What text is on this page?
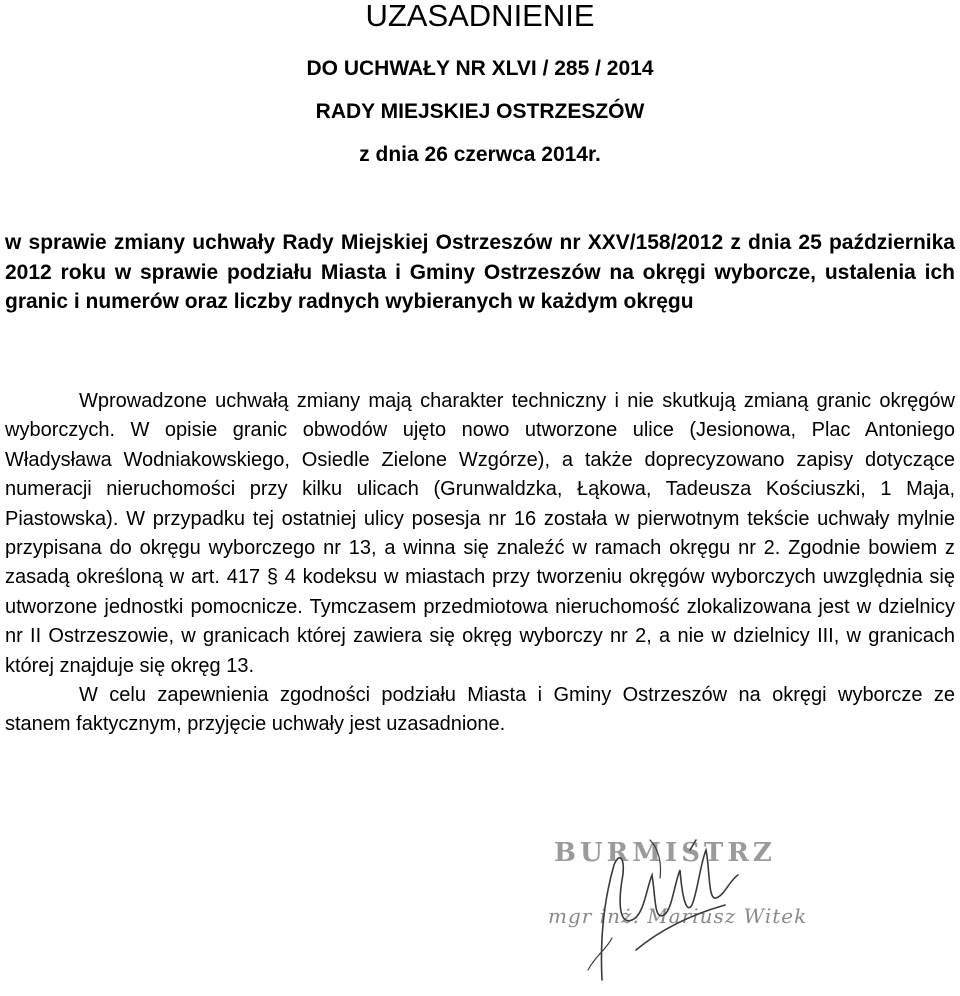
UZASADNIENIE
DO UCHWAŁY NR XLVI / 285 / 2014
RADY MIEJSKIEJ OSTRZESZÓW
z dnia 26 czerwca 2014r.

w sprawie zmiany uchwały Rady Miejskiej Ostrzeszów nr XXV/158/2012 z dnia 25 października 2012 roku w sprawie podziału Miasta i Gminy Ostrzeszów na okręgi wyborcze, ustalenia ich granic i numerów oraz liczby radnych wybieranych w każdym okręgu

Wprowadzone uchwałą zmiany mają charakter techniczny i nie skutkują zmianą granic okręgów wyborczych. W opisie granic obwodów ujęto nowo utworzone ulice (Jesionowa, Plac Antoniego Władysława Wodniakowskiego, Osiedle Zielone Wzgórze), a także doprecyzowano zapisy dotyczące numeracji nieruchomości przy kilku ulicach (Grunwaldzka, Łąkowa, Tadeusza Kościuszki, 1 Maja, Piastowska). W przypadku tej ostatniej ulicy posesja nr 16 została w pierwotnym tekście uchwały mylnie przypisana do okręgu wyborczego nr 13, a winna się znaleźć w ramach okręgu nr 2. Zgodnie bowiem z zasadą określoną w art. 417 § 4 kodeksu w miastach przy tworzeniu okręgów wyborczych uwzględnia się utworzone jednostki pomocnicze. Tymczasem przedmiotowa nieruchomość zlokalizowana jest w dzielnicy nr II Ostrzeszowie, w granicach której zawiera się okręg wyborczy nr 2, a nie w dzielnicy III, w granicach której znajduje się okręg 13.

W celu zapewnienia zgodności podziału Miasta i Gminy Ostrzeszów na okręgi wyborcze ze stanem faktycznym, przyjęcie uchwały jest uzasadnione.

BURMISTRZ
mgr inż. Mariusz Witek
